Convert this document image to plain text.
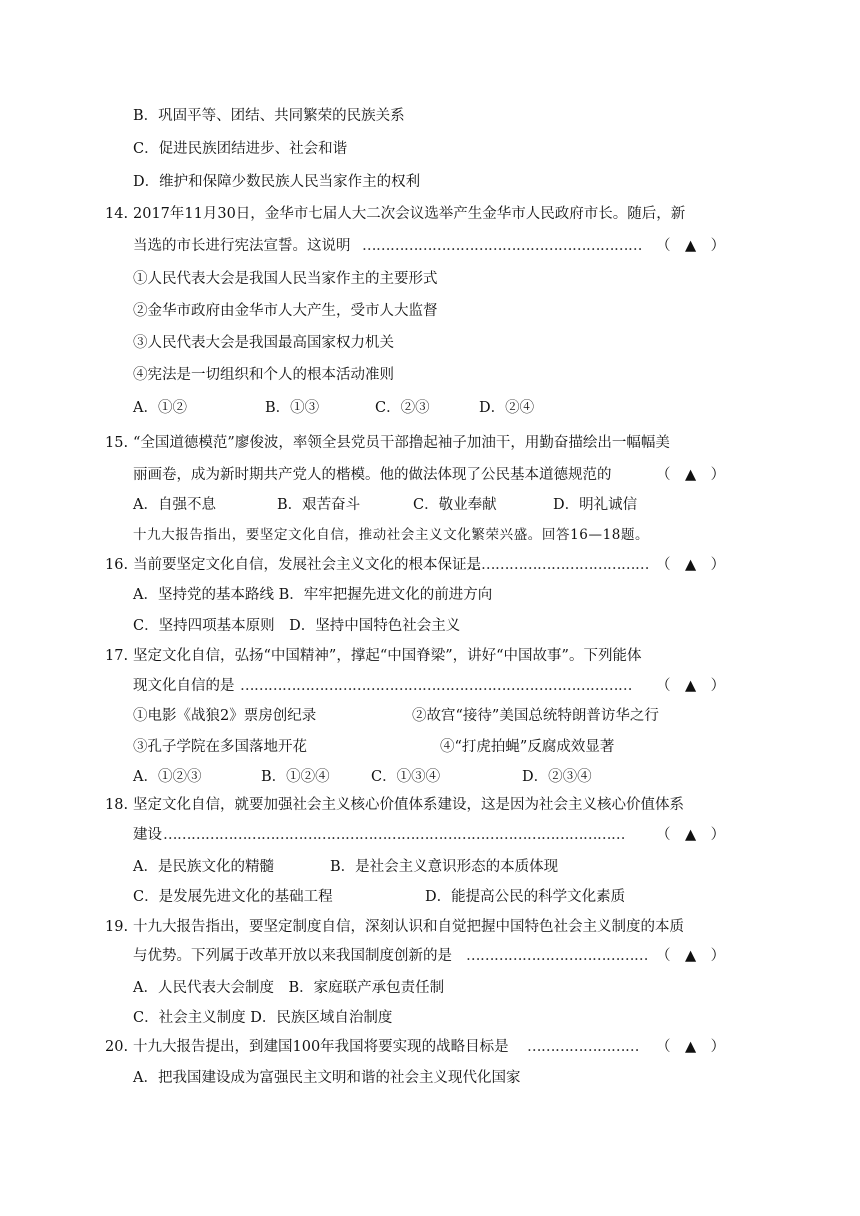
B．巩固平等、团结、共同繁荣的民族关系
C．促进民族团结进步、社会和谐
D．维护和保障少数民族人民当家作主的权利
14. 2017年11月30日，金华市七届人大二次会议选举产生金华市人民政府市长。随后，新
当选的市长进行宪法宣誓。这说明 …………………………………………………… （　▲　）
①人民代表大会是我国人民当家作主的主要形式
②金华市政府由金华市人大产生，受市人大监督
③人民代表大会是我国最高国家权力机关
④宪法是一切组织和个人的根本活动准则
A．①②	B．①③	C．②③	D．②④
15. “全国道德模范”廖俊波，率领全县党员干部撸起袖子加油干，用勤奋描绘出一幅幅美
丽画卷，成为新时期共产党人的楷模。他的做法体现了公民基本道德规范的	（　▲　）
A．自强不息	B．艰苦奋斗	C．敬业奉献	D．明礼诚信
十九大报告指出，要坚定文化自信，推动社会主义文化繁荣兴盛。回答16—18题。
16. 当前要坚定文化自信，发展社会主义文化的根本保证是
………………………………… （　▲　）
A．坚持党的基本路线 B．牢牢把握先进文化的前进方向
C．坚持四项基本原则　D．坚持中国特色社会主义
17. 坚定文化自信，弘扬“中国精神”，撑起“中国脊梁”，讲好“中国故事”。下列能体
现文化自信的是 ………………………………………………………………………… （　▲　）
①电影《战狼2》票房创纪录	②故宫“接待”美国总统特朗普访华之行
③孔子学院在多国落地开花	④“打虎拍蝇”反腐成效显著
A．①②③	B．①②④	C．①③④	D．②③④
18. 坚定文化自信，就要加强社会主义核心价值体系建设，这是因为社会主义核心价值体系
建设 ……………………………………………………………………………………… （　▲　）
A．是民族文化的精髓	B．是社会主义意识形态的本质体现
C．是发展先进文化的基础工程	D．能提高公民的科学文化素质
19. 十九大报告指出，要坚定制度自信，深刻认识和自觉把握中国特色社会主义制度的本质
与优势。下列属于改革开放以来我国制度创新的是 ………………………………… （　▲　）
A．人民代表大会制度　B．家庭联产承包责任制
C．社会主义制度 D．民族区域自治制度
20. 十九大报告提出，到建国100年我国将要实现的战略目标是 …………………… （　▲　）
A．把我国建设成为富强民主文明和谐的社会主义现代化国家
